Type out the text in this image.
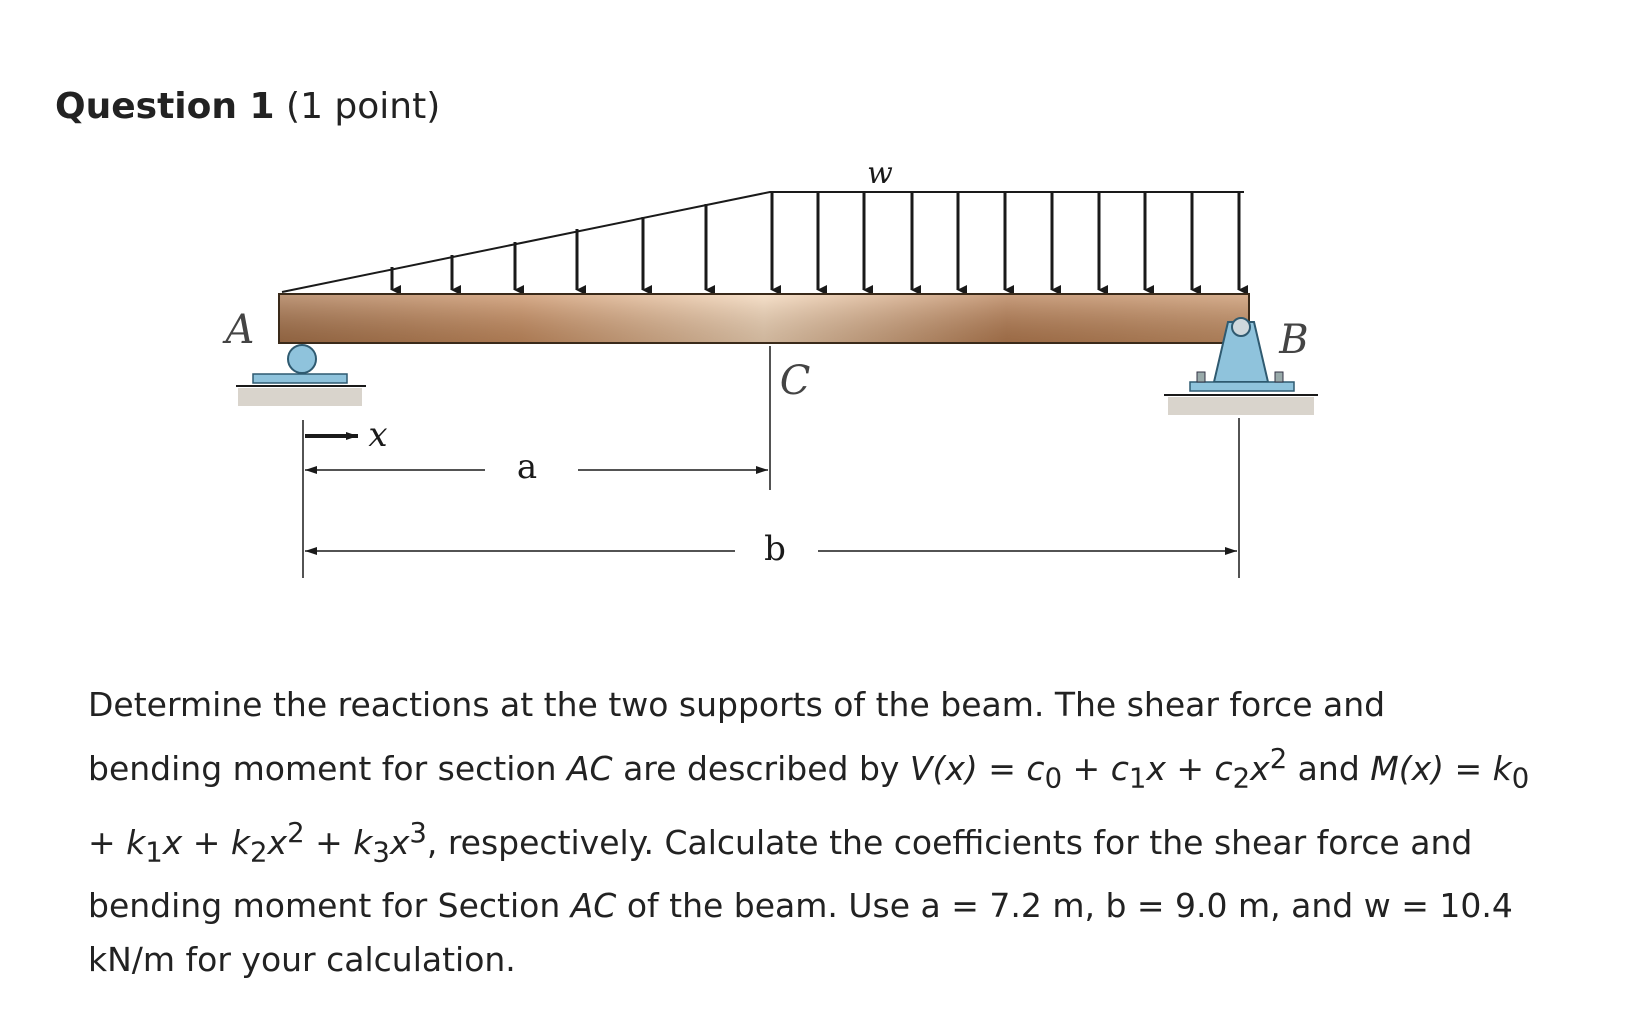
Question 1 (1 point)
w
A	B
C
x
a
b

Determine the reactions at the two supports of the beam. The shear force and
bending moment for section AC are described by $V(x) = c_0 + c_1x + c_2x^2$ and $M(x) = k_0$
+ $k_1x + k_2x^2 + k_3x^3$, respectively. Calculate the coefficients for the shear force and
bending moment for Section AC of the beam. Use a = 7.2 m, b = 9.0 m, and w = 10.4
kN/m for your calculation.
